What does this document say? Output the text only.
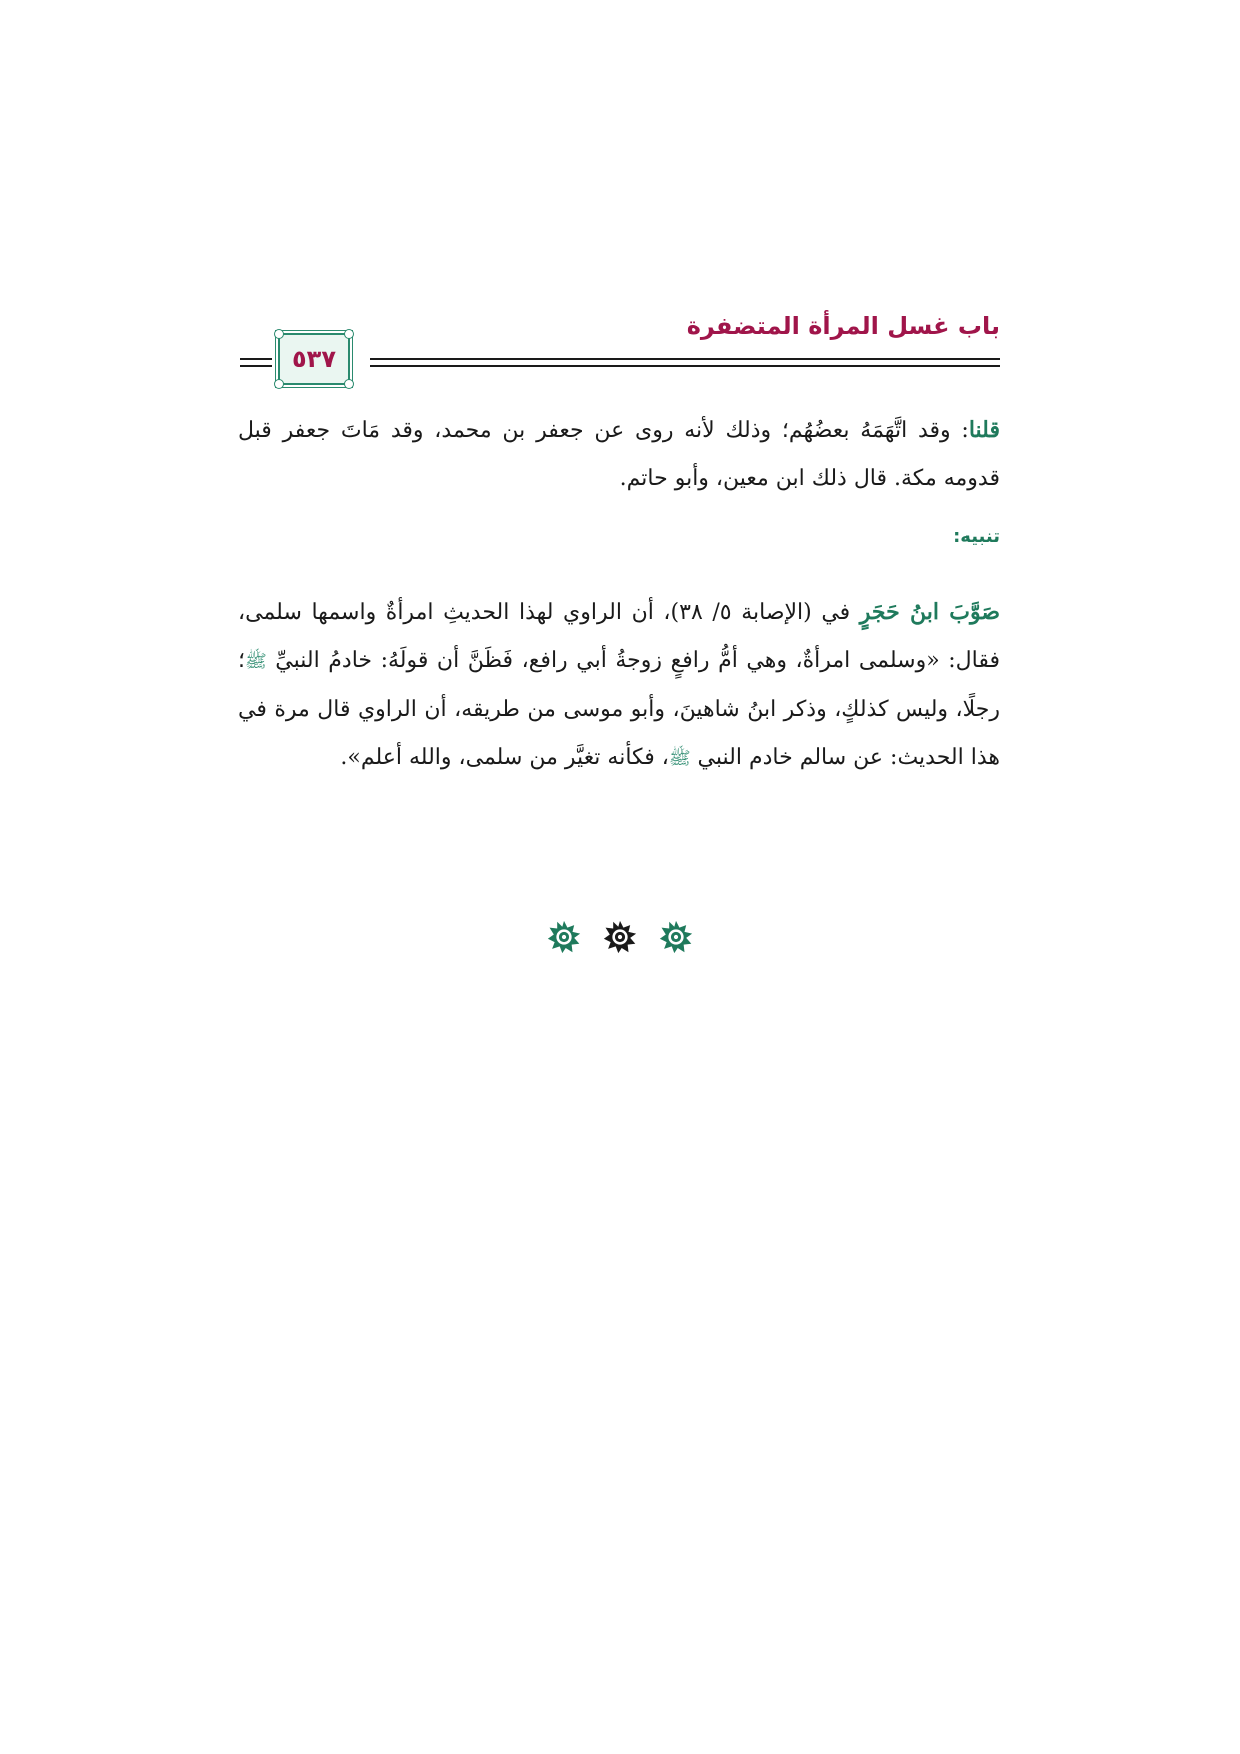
باب غسل المرأة المتضفرة
٥٣٧
قلنا: وقد اتَّهَمَهُ بعضُهُم؛ وذلك لأنه روى عن جعفر بن محمد، وقد مَاتَ جعفر قبل قدومه مكة. قال ذلك ابن معين، وأبو حاتم.
تنبيه:
صَوَّبَ ابنُ حَجَرٍ في (الإصابة ٥/ ٣٨)، أن الراوي لهذا الحديثِ امرأةٌ واسمها سلمى، فقال: «وسلمى امرأةٌ، وهي أمُّ رافعٍ زوجةُ أبي رافع، فَظَنَّ أن قولَهُ: خادمُ النبيِّ ﷺ؛ رجلًا، وليس كذلكٍ، وذكر ابنُ شاهينَ، وأبو موسى من طريقه، أن الراوي قال مرة في هذا الحديث: عن سالم خادم النبي ﷺ، فكأنه تغيَّر من سلمى، والله أعلم».
